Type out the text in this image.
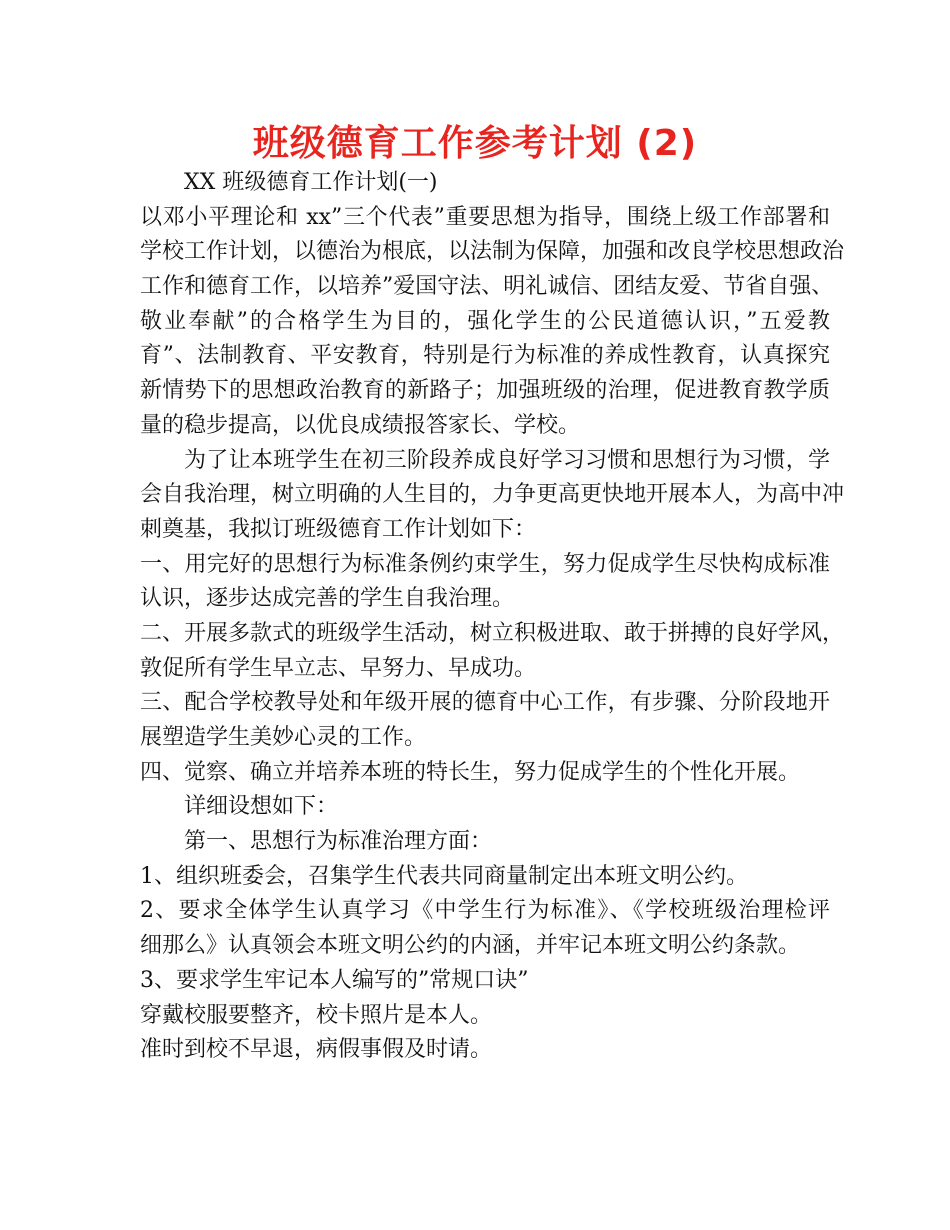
班级德育工作参考计划 (2)
XX 班级德育工作计划(一)
以邓小平理论和 xx”三个代表”重要思想为指导，围绕上级工作部署和
学校工作计划，以德治为根底，以法制为保障，加强和改良学校思想政治
工作和德育工作，以培养”爱国守法、明礼诚信、团结友爱、节省自强、
敬业奉献”的合格学生为目的，强化学生的公民道德认识，”五爱教
育”、法制教育、平安教育，特别是行为标准的养成性教育，认真探究
新情势下的思想政治教育的新路子；加强班级的治理，促进教育教学质
量的稳步提高，以优良成绩报答家长、学校。
为了让本班学生在初三阶段养成良好学习习惯和思想行为习惯，学
会自我治理，树立明确的人生目的，力争更高更快地开展本人，为高中冲
刺奠基，我拟订班级德育工作计划如下：
一、用完好的思想行为标准条例约束学生，努力促成学生尽快构成标准
认识，逐步达成完善的学生自我治理。
二、开展多款式的班级学生活动，树立积极进取、敢于拼搏的良好学风，
敦促所有学生早立志、早努力、早成功。
三、配合学校教导处和年级开展的德育中心工作，有步骤、分阶段地开
展塑造学生美妙心灵的工作。
四、觉察、确立并培养本班的特长生，努力促成学生的个性化开展。
详细设想如下：
第一、思想行为标准治理方面：
1、组织班委会，召集学生代表共同商量制定出本班文明公约。
2、要求全体学生认真学习《中学生行为标准》、《学校班级治理检评
细那么》认真领会本班文明公约的内涵，并牢记本班文明公约条款。
3、要求学生牢记本人编写的”常规口诀”
穿戴校服要整齐，校卡照片是本人。
准时到校不早退，病假事假及时请。
